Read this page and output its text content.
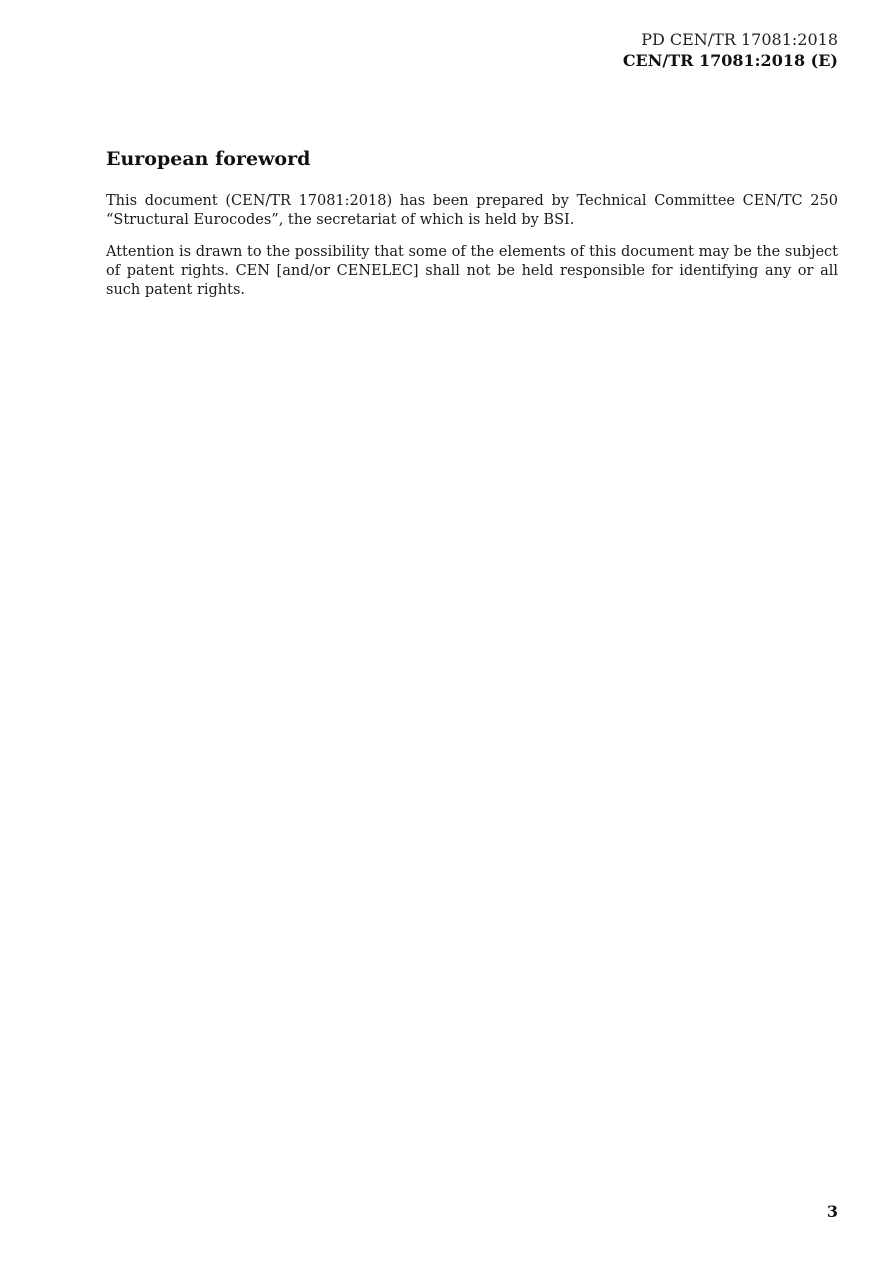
PD CEN/TR 17081:2018
CEN/TR 17081:2018 (E)
European foreword

This document (CEN/TR 17081:2018) has been prepared by Technical Committee CEN/TC 250 “Structural Eurocodes”, the secretariat of which is held by BSI.

Attention is drawn to the possibility that some of the elements of this document may be the subject of patent rights. CEN [and/or CENELEC] shall not be held responsible for identifying any or all such patent rights.

3
